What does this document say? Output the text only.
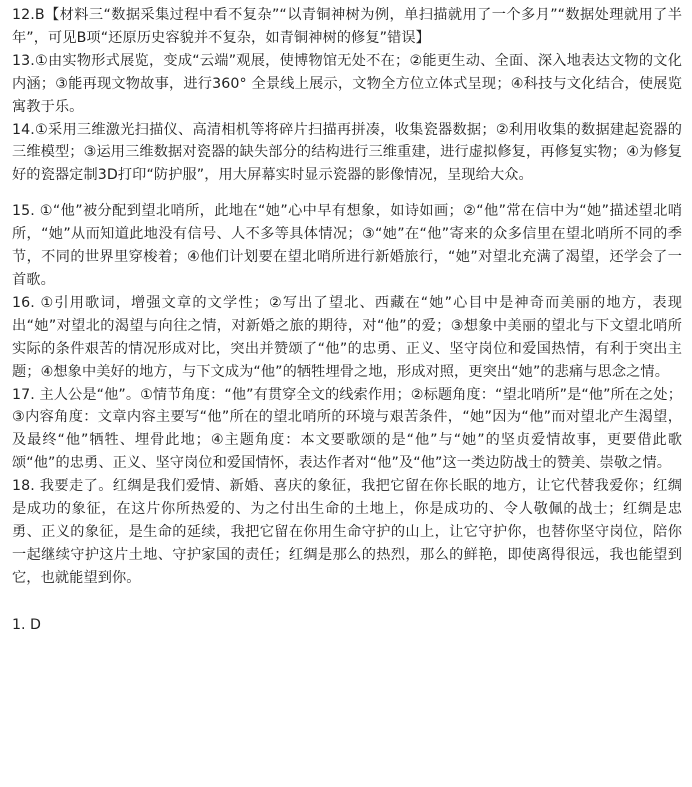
12.B【材料三“数据采集过程中看不复杂”“以青铜神树为例，单扫描就用了一个多月”“数据处理就用了半年”，可见B项“还原历史容貌并不复杂，如青铜神树的修复”错误】

13.①由实物形式展览，变成“云端”观展，使博物馆无处不在；②能更生动、全面、深入地表达文物的文化内涵；③能再现文物故事，进行360° 全景线上展示，文物全方位立体式呈现；④科技与文化结合，使展览寓教于乐。

14.①采用三维激光扫描仪、高清相机等将碎片扫描再拼凑，收集瓷器数据；②利用收集的数据建起瓷器的三维模型；③运用三维数据对瓷器的缺失部分的结构进行三维重建，进行虚拟修复，再修复实物；④为修复好的瓷器定制3D打印“防护服”，用大屏幕实时显示瓷器的影像情况，呈现给大众。

15. ①“他”被分配到望北哨所，此地在“她”心中早有想象，如诗如画；②“他”常在信中为“她”描述望北哨所，“她”从而知道此地没有信号、人不多等具体情况；③“她”在“他”寄来的众多信里在望北哨所不同的季节，不同的世界里穿梭着；④他们计划要在望北哨所进行新婚旅行，“她”对望北充满了渴望，还学会了一首歌。

16. ①引用歌词，增强文章的文学性；②写出了望北、西藏在“她”心目中是神奇而美丽的地方，表现出“她”对望北的渴望与向往之情，对新婚之旅的期待，对“他”的爱；③想象中美丽的望北与下文望北哨所实际的条件艰苦的情况形成对比，突出并赞颂了“他”的忠勇、正义、坚守岗位和爱国热情，有利于突出主题；④想象中美好的地方，与下文成为“他”的牺牲埋骨之地，形成对照，更突出“她”的悲痛与思念之情。

17. 主人公是“他”。①情节角度：“他”有贯穿全文的线索作用；②标题角度：“望北哨所”是“他”所在之处；③内容角度：文章内容主要写“他”所在的望北哨所的环境与艰苦条件，“她”因为“他”而对望北产生渴望，及最终“他”牺牲、埋骨此地；④主题角度：本文要歌颂的是“他”与“她”的坚贞爱情故事，更要借此歌颂“他”的忠勇、正义、坚守岗位和爱国情怀，表达作者对“他”及“他”这一类边防战士的赞美、崇敬之情。

18. 我要走了。红绸是我们爱情、新婚、喜庆的象征，我把它留在你长眠的地方，让它代替我爱你；红绸是成功的象征，在这片你所热爱的、为之付出生命的土地上，你是成功的、令人敬佩的战士；红绸是忠勇、正义的象征，是生命的延续，我把它留在你用生命守护的山上，让它守护你，也替你坚守岗位，陪你一起继续守护这片土地、守护家国的责任；红绸是那么的热烈，那么的鲜艳，即使离得很远，我也能望到它，也就能望到你。

1. D
